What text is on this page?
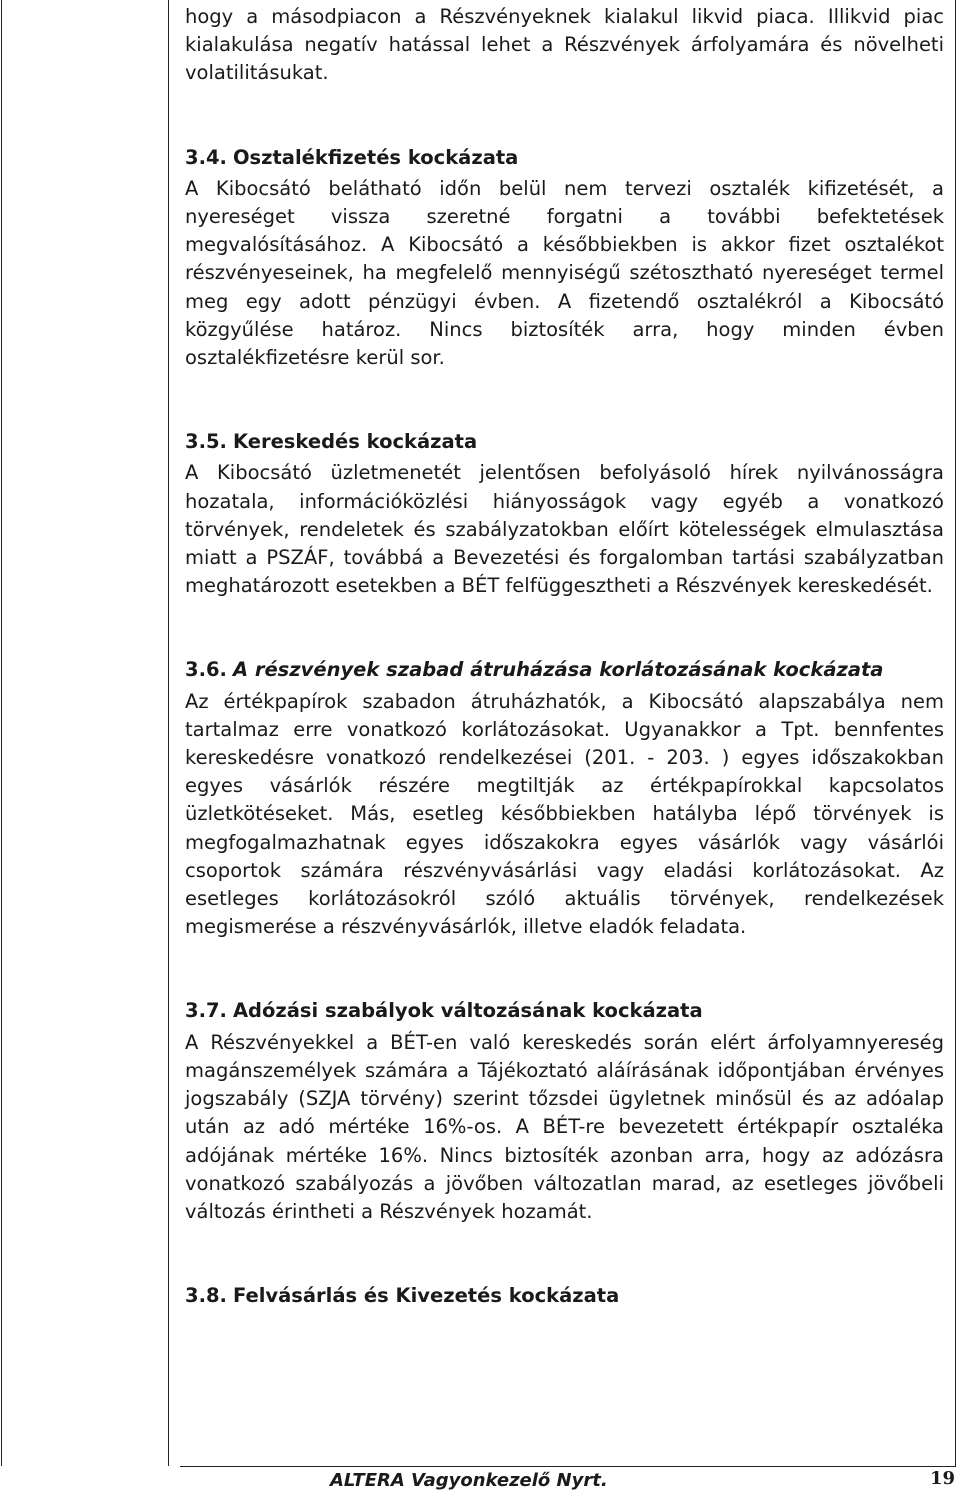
hogy a másodpiacon a Részvényeknek kialakul likvid piaca. Illikvid piac kialakulása negatív hatással lehet a Részvények árfolyamára és növelheti volatilitásukat.

3.4. Osztalékfizetés kockázata

A Kibocsátó belátható időn belül nem tervezi osztalék kifizetését, a nyereséget vissza szeretné forgatni a további befektetések megvalósításához. A Kibocsátó a későbbiekben is akkor fizet osztalékot részvényeseinek, ha megfelelő mennyiségű szétosztható nyereséget termel meg egy adott pénzügyi évben. A fizetendő osztalékról a Kibocsátó közgyűlése határoz. Nincs biztosíték arra, hogy minden évben osztalékfizetésre kerül sor.

3.5. Kereskedés kockázata

A Kibocsátó üzletmenetét jelentősen befolyásoló hírek nyilvánosságra hozatala, információközlési hiányosságok vagy egyéb a vonatkozó törvények, rendeletek és szabályzatokban előírt kötelességek elmulasztása miatt a PSZÁF, továbbá a Bevezetési és forgalomban tartási szabályzatban meghatározott esetekben a BÉT felfüggesztheti a Részvények kereskedését.

3.6. A részvények szabad átruházása korlátozásának kockázata

Az értékpapírok szabadon átruházhatók, a Kibocsátó alapszabálya nem tartalmaz erre vonatkozó korlátozásokat. Ugyanakkor a Tpt. bennfentes kereskedésre vonatkozó rendelkezései (201. - 203. ) egyes időszakokban egyes vásárlók részére megtiltják az értékpapírokkal kapcsolatos üzletkötéseket. Más, esetleg későbbiekben hatályba lépő törvények is megfogalmazhatnak egyes időszakokra egyes vásárlók vagy vásárlói csoportok számára részvényvásárlási vagy eladási korlátozásokat. Az esetleges korlátozásokról szóló aktuális törvények, rendelkezések megismerése a részvényvásárlók, illetve eladók feladata.

3.7. Adózási szabályok változásának kockázata

A Részvényekkel a BÉT-en való kereskedés során elért árfolyamnyereség magánszemélyek számára a Tájékoztató aláírásának időpontjában érvényes jogszabály (SZJA törvény) szerint tőzsdei ügyletnek minősül és az adóalap után az adó mértéke 16%-os. A BÉT-re bevezetett értékpapír osztaléka adójának mértéke 16%. Nincs biztosíték azonban arra, hogy az adózásra vonatkozó szabályozás a jövőben változatlan marad, az esetleges jövőbeli változás érintheti a Részvények hozamát.

3.8. Felvásárlás és Kivezetés kockázata
ALTERA Vagyonkezelő Nyrt.	19
